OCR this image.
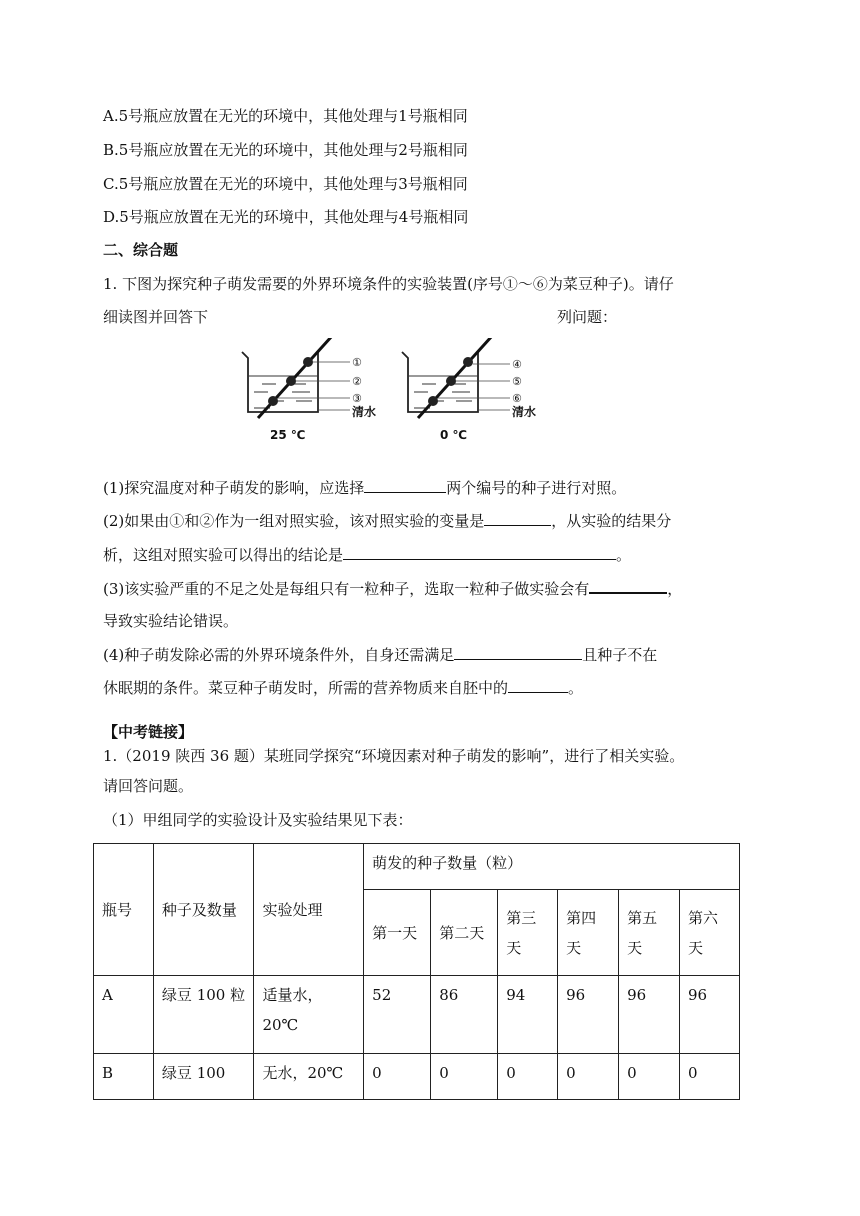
A.5号瓶应放置在无光的环境中，其他处理与1号瓶相同
B.5号瓶应放置在无光的环境中，其他处理与2号瓶相同
C.5号瓶应放置在无光的环境中，其他处理与3号瓶相同
D.5号瓶应放置在无光的环境中，其他处理与4号瓶相同
二、综合题
1. 下图为探究种子萌发需要的外界环境条件的实验装置(序号①～⑥为菜豆种子)。请仔
细读图并回答下	列问题：
①
②
③
清水
25 ℃
④
⑤
⑥
清水
0 ℃
(1)探究温度对种子萌发的影响，应选择	两个编号的种子进行对照。
(2)如果由①和②作为一组对照实验，该对照实验的变量是	，从实验的结果分
析，这组对照实验可以得出的结论是	。
(3)该实验严重的不足之处是每组只有一粒种子，选取一粒种子做实验会有	，
导致实验结论错误。
(4)种子萌发除必需的外界环境条件外，自身还需满足	且种子不在
休眠期的条件。菜豆种子萌发时，所需的营养物质来自胚中的	。
【中考链接】
1.（2019 陕西 36 题）某班同学探究“环境因素对种子萌发的影响”，进行了相关实验。
请回答问题。
（1）甲组同学的实验设计及实验结果见下表：
瓶号	种子及数量	实验处理	萌发的种子数量（粒）					
			第一天	第二天	第三天	第四天	第五天	第六天
A	绿豆 100 粒	适量水，20℃	52	86	94	96	96	96
B	绿豆 100	无水，20℃	0	0	0	0	0	0
